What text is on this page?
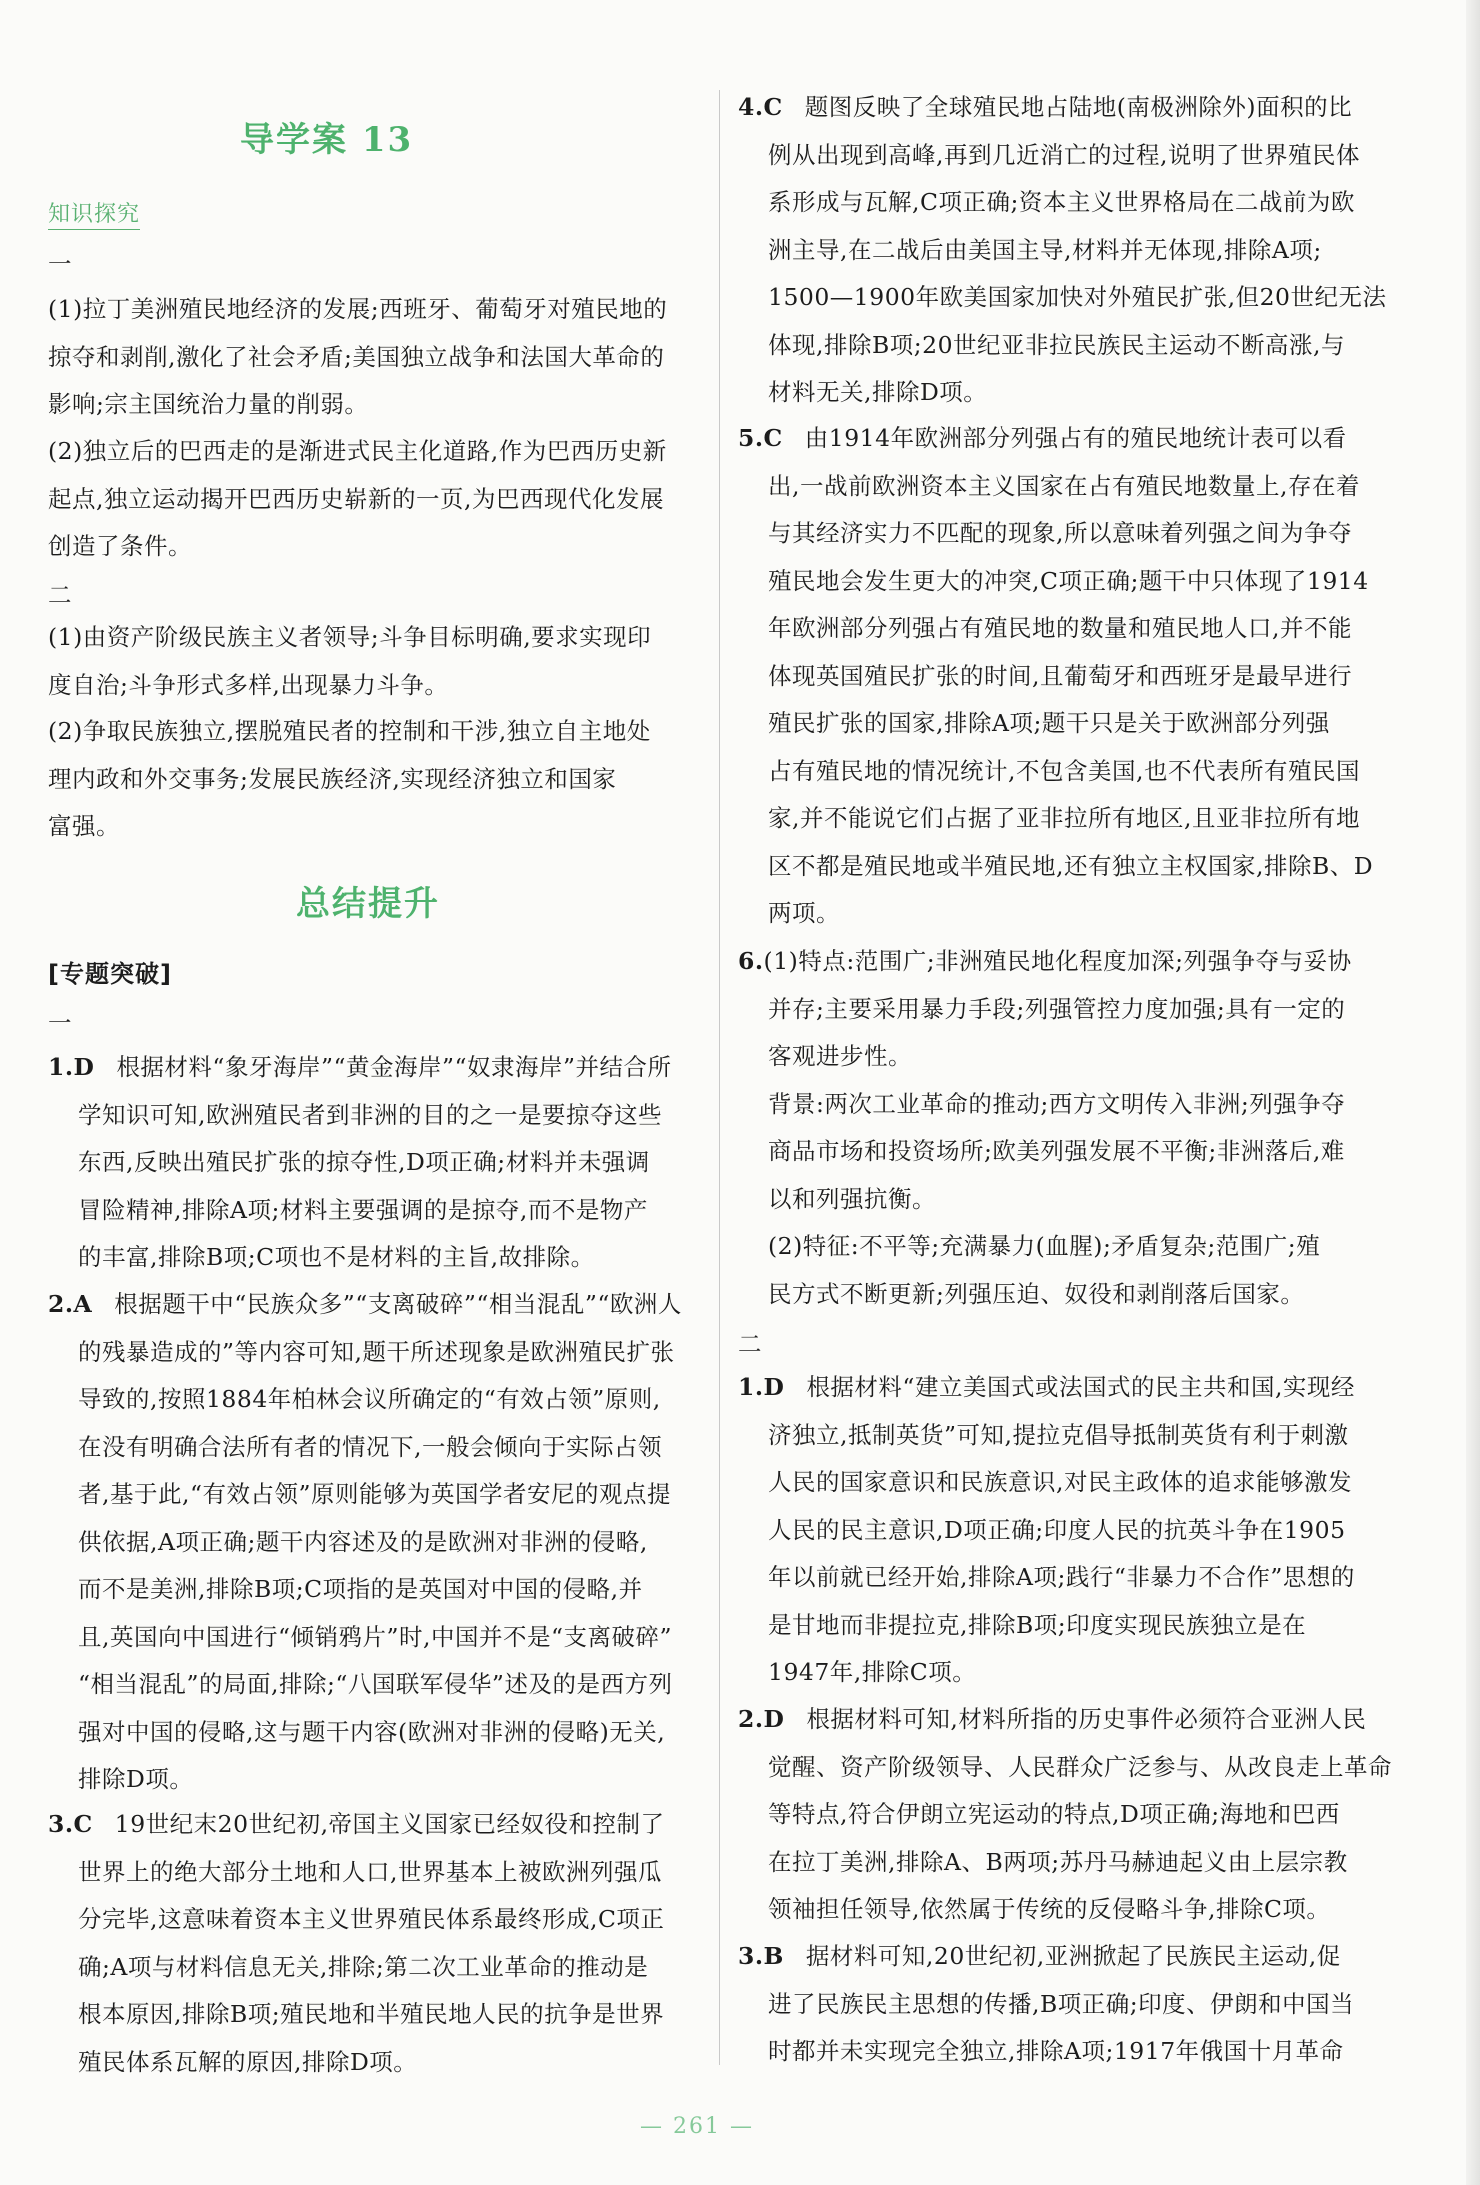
导学案 13
知识探究
一
(1)拉丁美洲殖民地经济的发展;西班牙、葡萄牙对殖民地的
掠夺和剥削,激化了社会矛盾;美国独立战争和法国大革命的
影响;宗主国统治力量的削弱。
(2)独立后的巴西走的是渐进式民主化道路,作为巴西历史新
起点,独立运动揭开巴西历史崭新的一页,为巴西现代化发展
创造了条件。
二
(1)由资产阶级民族主义者领导;斗争目标明确,要求实现印
度自治;斗争形式多样,出现暴力斗争。
(2)争取民族独立,摆脱殖民者的控制和干涉,独立自主地处
理内政和外交事务;发展民族经济,实现经济独立和国家
富强。
总结提升
[专题突破]
一
1.D 根据材料“象牙海岸”“黄金海岸”“奴隶海岸”并结合所
学知识可知,欧洲殖民者到非洲的目的之一是要掠夺这些
东西,反映出殖民扩张的掠夺性,D项正确;材料并未强调
冒险精神,排除A项;材料主要强调的是掠夺,而不是物产
的丰富,排除B项;C项也不是材料的主旨,故排除。
2.A 根据题干中“民族众多”“支离破碎”“相当混乱”“欧洲人
的残暴造成的”等内容可知,题干所述现象是欧洲殖民扩张
导致的,按照1884年柏林会议所确定的“有效占领”原则,
在没有明确合法所有者的情况下,一般会倾向于实际占领
者,基于此,“有效占领”原则能够为英国学者安尼的观点提
供依据,A项正确;题干内容述及的是欧洲对非洲的侵略,
而不是美洲,排除B项;C项指的是英国对中国的侵略,并
且,英国向中国进行“倾销鸦片”时,中国并不是“支离破碎”
“相当混乱”的局面,排除;“八国联军侵华”述及的是西方列
强对中国的侵略,这与题干内容(欧洲对非洲的侵略)无关,
排除D项。
3.C 19世纪末20世纪初,帝国主义国家已经奴役和控制了
世界上的绝大部分土地和人口,世界基本上被欧洲列强瓜
分完毕,这意味着资本主义世界殖民体系最终形成,C项正
确;A项与材料信息无关,排除;第二次工业革命的推动是
根本原因,排除B项;殖民地和半殖民地人民的抗争是世界
殖民体系瓦解的原因,排除D项。
4.C 题图反映了全球殖民地占陆地(南极洲除外)面积的比
例从出现到高峰,再到几近消亡的过程,说明了世界殖民体
系形成与瓦解,C项正确;资本主义世界格局在二战前为欧
洲主导,在二战后由美国主导,材料并无体现,排除A项;
1500—1900年欧美国家加快对外殖民扩张,但20世纪无法
体现,排除B项;20世纪亚非拉民族民主运动不断高涨,与
材料无关,排除D项。
5.C 由1914年欧洲部分列强占有的殖民地统计表可以看
出,一战前欧洲资本主义国家在占有殖民地数量上,存在着
与其经济实力不匹配的现象,所以意味着列强之间为争夺
殖民地会发生更大的冲突,C项正确;题干中只体现了1914
年欧洲部分列强占有殖民地的数量和殖民地人口,并不能
体现英国殖民扩张的时间,且葡萄牙和西班牙是最早进行
殖民扩张的国家,排除A项;题干只是关于欧洲部分列强
占有殖民地的情况统计,不包含美国,也不代表所有殖民国
家,并不能说它们占据了亚非拉所有地区,且亚非拉所有地
区不都是殖民地或半殖民地,还有独立主权国家,排除B、D
两项。
6.(1)特点:范围广;非洲殖民地化程度加深;列强争夺与妥协
并存;主要采用暴力手段;列强管控力度加强;具有一定的
客观进步性。
背景:两次工业革命的推动;西方文明传入非洲;列强争夺
商品市场和投资场所;欧美列强发展不平衡;非洲落后,难
以和列强抗衡。
(2)特征:不平等;充满暴力(血腥);矛盾复杂;范围广;殖
民方式不断更新;列强压迫、奴役和剥削落后国家。
二
1.D 根据材料“建立美国式或法国式的民主共和国,实现经
济独立,抵制英货”可知,提拉克倡导抵制英货有利于刺激
人民的国家意识和民族意识,对民主政体的追求能够激发
人民的民主意识,D项正确;印度人民的抗英斗争在1905
年以前就已经开始,排除A项;践行“非暴力不合作”思想的
是甘地而非提拉克,排除B项;印度实现民族独立是在
1947年,排除C项。
2.D 根据材料可知,材料所指的历史事件必须符合亚洲人民
觉醒、资产阶级领导、人民群众广泛参与、从改良走上革命
等特点,符合伊朗立宪运动的特点,D项正确;海地和巴西
在拉丁美洲,排除A、B两项;苏丹马赫迪起义由上层宗教
领袖担任领导,依然属于传统的反侵略斗争,排除C项。
3.B 据材料可知,20世纪初,亚洲掀起了民族民主运动,促
进了民族民主思想的传播,B项正确;印度、伊朗和中国当
时都并未实现完全独立,排除A项;1917年俄国十月革命
— 261 —
